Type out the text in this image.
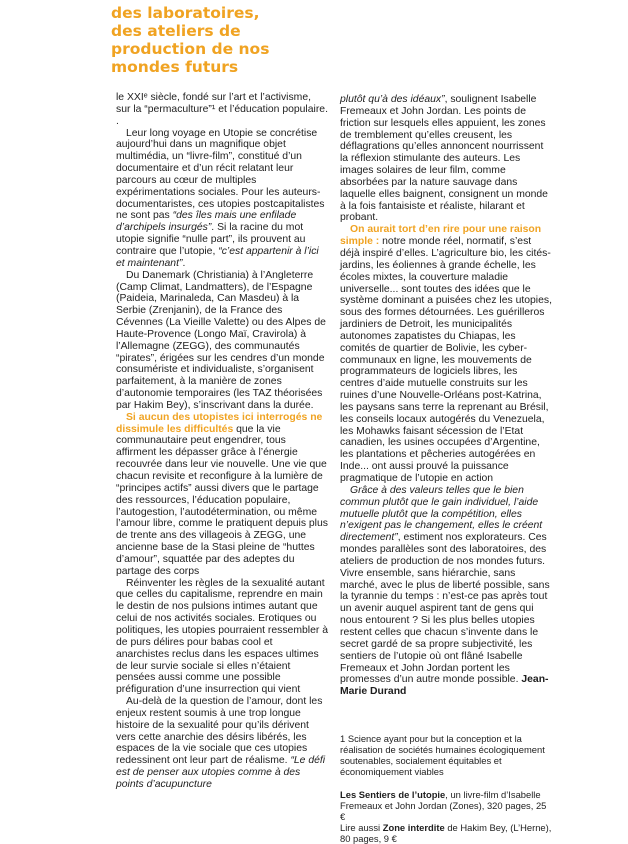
des laboratoires,
des ateliers de
production de nos
mondes futurs

le XXIᵉ siècle, fondé sur l’art et l’activisme, sur la “permaculture”¹ et l’éducation populaire. .

Leur long voyage en Utopie se concrétise aujourd’hui dans un magnifique objet multimédia, un “livre-film”, constitué d’un documentaire et d’un récit relatant leur parcours au cœur de multiples expérimentations sociales. Pour les auteurs-documentaristes, ces utopies postcapitalistes ne sont pas “des îles mais une enfilade d’archipels insurgés”. Si la racine du mot utopie signifie “nulle part”, ils prouvent au contraire que l’utopie, “c’est appartenir à l’ici et maintenant”.

Du Danemark (Christiania) à l’Angleterre (Camp Climat, Landmatters), de l’Espagne (Paideia, Marinaleda, Can Masdeu) à la Serbie (Zrenjanin), de la France des Cévennes (La Vieille Valette) ou des Alpes de Haute-Provence (Longo Maï, Cravirola) à l’Allemagne (ZEGG), des communautés “pirates”, érigées sur les cendres d’un monde consumériste et individualiste, s’organisent parfaitement, à la manière de zones d’autonomie temporaires (les TAZ théorisées par Hakim Bey), s’inscrivant dans la durée.

Si aucun des utopistes ici interrogés ne dissimule les difficultés que la vie communautaire peut engendrer, tous affirment les dépasser grâce à l’énergie recouvrée dans leur vie nouvelle. Une vie que chacun revisite et reconfigure à la lumière de “principes actifs” aussi divers que le partage des ressources, l’éducation populaire, l’autogestion, l’autodétermination, ou même l’amour libre, comme le pratiquent depuis plus de trente ans des villageois à ZEGG, une ancienne base de la Stasi pleine de “huttes d’amour”, squattée par des adeptes du partage des corps

Réinventer les règles de la sexualité autant que celles du capitalisme, reprendre en main le destin de nos pulsions intimes autant que celui de nos activités sociales. Erotiques ou politiques, les utopies pourraient ressembler à de purs délires pour babas cool et anarchistes reclus dans les espaces ultimes de leur survie sociale si elles n’étaient pensées aussi comme une possible préfiguration d’une insurrection qui vient

Au-delà de la question de l’amour, dont les enjeux restent soumis à une trop longue histoire de la sexualité pour qu’ils dérivent vers cette anarchie des désirs libérés, les espaces de la vie sociale que ces utopies redessinent ont leur part de réalisme. “Le défi est de penser aux utopies comme à des points d’acupuncture

plutôt qu’à des idéaux”, soulignent Isabelle Fremeaux et John Jordan. Les points de friction sur lesquels elles appuient, les zones de tremblement qu’elles creusent, les déflagrations qu’elles annoncent nourrissent la réflexion stimulante des auteurs. Les images solaires de leur film, comme absorbées par la nature sauvage dans laquelle elles baignent, consignent un monde à la fois fantaisiste et réaliste, hilarant et probant.

On aurait tort d’en rire pour une raison simple : notre monde réel, normatif, s’est déjà inspiré d’elles. L’agriculture bio, les cités-jardins, les éoliennes à grande échelle, les écoles mixtes, la couverture maladie universelle... sont toutes des idées que le système dominant a puisées chez les utopies, sous des formes détournées. Les guérilleros jardiniers de Detroit, les municipalités autonomes zapatistes du Chiapas, les comités de quartier de Bolivie, les cyber-communaux en ligne, les mouvements de programmateurs de logiciels libres, les centres d’aide mutuelle construits sur les ruines d’une Nouvelle-Orléans post-Katrina, les paysans sans terre la reprenant au Brésil, les conseils locaux autogérés du Venezuela, les Mohawks faisant sécession de l’Etat canadien, les usines occupées d’Argentine, les plantations et pêcheries autogérées en Inde... ont aussi prouvé la puissance pragmatique de l’utopie en action

Grâce à des valeurs telles que le bien commun plutôt que le gain individuel, l’aide mutuelle plutôt que la compétition, elles n’exigent pas le changement, elles le créent directement”, estiment nos explorateurs. Ces mondes parallèles sont des laboratoires, des ateliers de production de nos mondes futurs. Vivre ensemble, sans hiérarchie, sans marché, avec le plus de liberté possible, sans la tyrannie du temps : n’est-ce pas après tout un avenir auquel aspirent tant de gens qui nous entourent ? Si les plus belles utopies restent celles que chacun s’invente dans le secret gardé de sa propre subjectivité, les sentiers de l’utopie où ont flâné Isabelle Fremeaux et John Jordan portent les promesses d’un autre monde possible. Jean-Marie Durand

1 Science ayant pour but la conception et la réalisation de sociétés humaines écologiquement soutenables, socialement équitables et économiquement viables

Les Sentiers de l’utopie, un livre-film d’Isabelle Fremeaux et John Jordan (Zones), 320 pages, 25 €
Lire aussi Zone interdite de Hakim Bey, (L’Herne), 80 pages, 9 €
